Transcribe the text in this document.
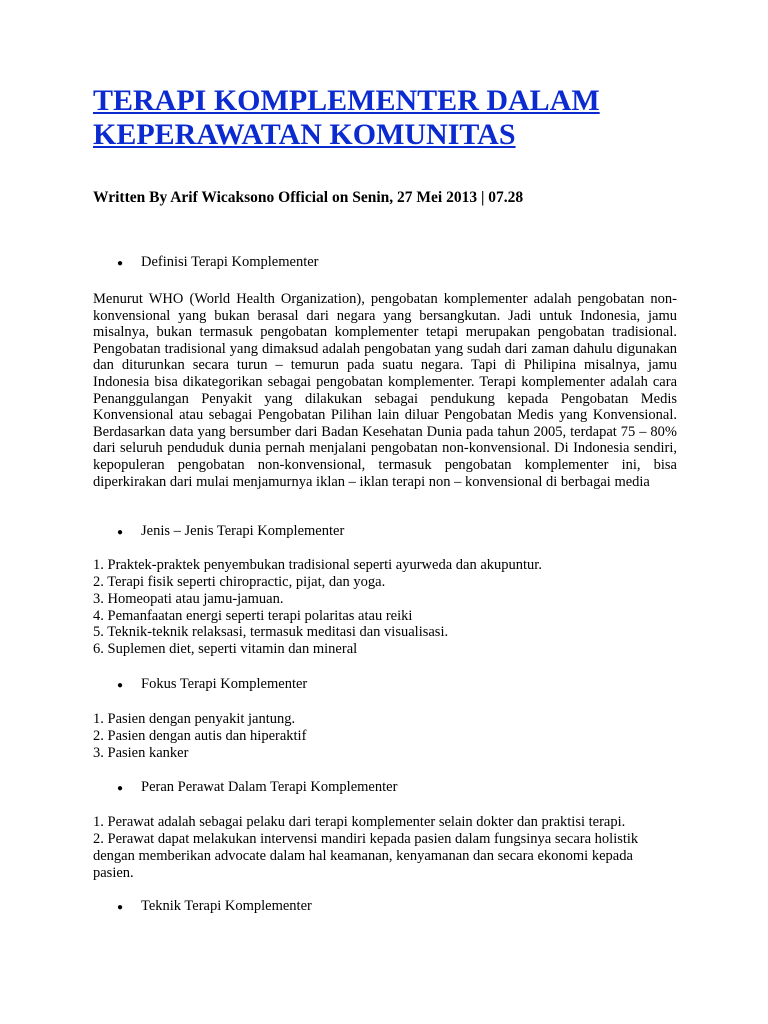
TERAPI KOMPLEMENTER DALAM
KEPERAWATAN KOMUNITAS

Written By Arif Wicaksono Official on Senin, 27 Mei 2013 | 07.28

●	Definisi Terapi Komplementer

Menurut WHO (World Health Organization), pengobatan komplementer adalah pengobatan non-konvensional yang bukan berasal dari negara yang bersangkutan. Jadi untuk Indonesia, jamu misalnya, bukan termasuk pengobatan komplementer tetapi merupakan pengobatan tradisional. Pengobatan tradisional yang dimaksud adalah pengobatan yang sudah dari zaman dahulu digunakan dan diturunkan secara turun – temurun pada suatu negara. Tapi di Philipina misalnya, jamu Indonesia bisa dikategorikan sebagai pengobatan komplementer. Terapi komplementer adalah cara Penanggulangan Penyakit yang dilakukan sebagai pendukung kepada Pengobatan Medis Konvensional atau sebagai Pengobatan Pilihan lain diluar Pengobatan Medis yang Konvensional.

Berdasarkan data yang bersumber dari Badan Kesehatan Dunia pada tahun 2005, terdapat 75 – 80% dari seluruh penduduk dunia pernah menjalani pengobatan non-konvensional. Di Indonesia sendiri, kepopuleran pengobatan non-konvensional, termasuk pengobatan komplementer ini, bisa diperkirakan dari mulai menjamurnya iklan – iklan terapi non – konvensional di berbagai media

●	Jenis – Jenis Terapi Komplementer
1. Praktek-praktek penyembukan tradisional seperti ayurweda dan akupuntur.
2. Terapi fisik seperti chiropractic, pijat, dan yoga.
3. Homeopati atau jamu-jamuan.
4. Pemanfaatan energi seperti terapi polaritas atau reiki
5. Teknik-teknik relaksasi, termasuk meditasi dan visualisasi.
6. Suplemen diet, seperti vitamin dan mineral
●	Fokus Terapi Komplementer
1. Pasien dengan penyakit jantung.
2. Pasien dengan autis dan hiperaktif
3. Pasien kanker
●	Peran Perawat Dalam Terapi Komplementer
1. Perawat adalah sebagai pelaku dari terapi komplementer selain dokter dan praktisi terapi.
2. Perawat dapat melakukan intervensi mandiri kepada pasien dalam fungsinya secara holistik dengan memberikan advocate dalam hal keamanan, kenyamanan dan secara ekonomi kepada pasien.
●	Teknik Terapi Komplementer
